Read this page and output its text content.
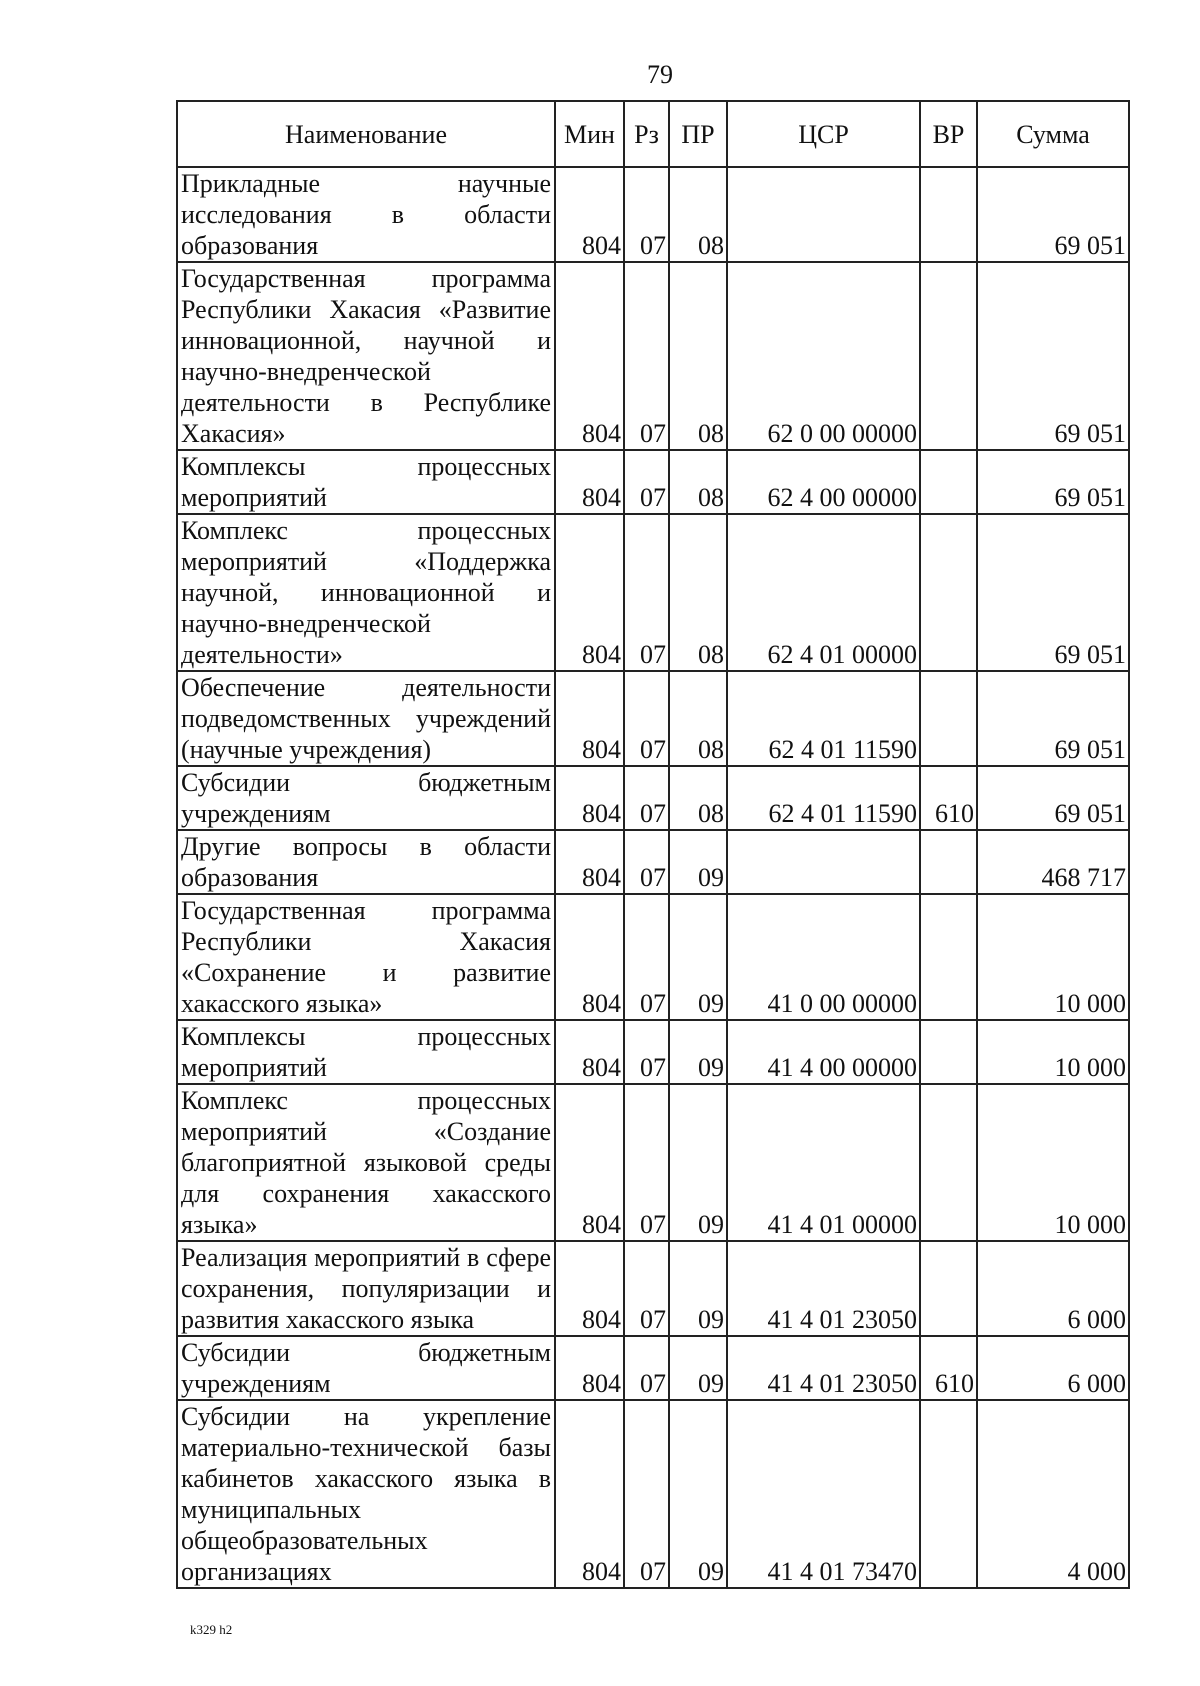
79
Наименование	Мин	Рз	ПР	ЦСР	ВР	Сумма
Прикладные научные исследования в области образования	804	07	08			69 051
Государственная программа Республики Хакасия «Развитие инновационной, научной и научно-внедренческой деятельности в Республике Хакасия»	804	07	08	62 0 00 00000		69 051
Комплексы процессных мероприятий	804	07	08	62 4 00 00000		69 051
Комплекс процессных мероприятий «Поддержка научной, инновационной и научно-внедренческой деятельности»	804	07	08	62 4 01 00000		69 051
Обеспечение деятельности подведомственных учреждений (научные учреждения)	804	07	08	62 4 01 11590		69 051
Субсидии бюджетным учреждениям	804	07	08	62 4 01 11590	610	69 051
Другие вопросы в области образования	804	07	09			468 717
Государственная программа Республики Хакасия «Сохранение и развитие хакасского языка»	804	07	09	41 0 00 00000		10 000
Комплексы процессных мероприятий	804	07	09	41 4 00 00000		10 000
Комплекс процессных мероприятий «Создание благоприятной языковой среды для сохранения хакасского языка»	804	07	09	41 4 01 00000		10 000
Реализация мероприятий в сфере сохранения, популяризации и развития хакасского языка	804	07	09	41 4 01 23050		6 000
Субсидии бюджетным учреждениям	804	07	09	41 4 01 23050	610	6 000
Субсидии на укрепление материально-технической базы кабинетов хакасского языка в муниципальных общеобразовательных организациях	804	07	09	41 4 01 73470		4 000
k329 h2
